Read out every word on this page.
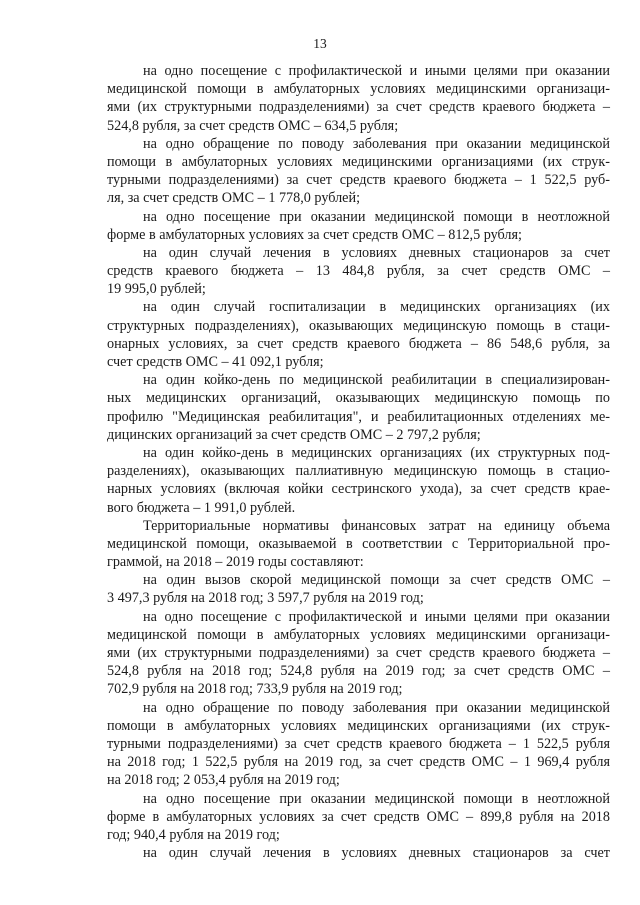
13
на одно посещение с профилактической и иными целями при оказании
медицинской помощи в амбулаторных условиях медицинскими организаци-
ями (их структурными подразделениями) за счет средств краевого бюджета –
524,8 рубля, за счет средств ОМС – 634,5 рубля;
на одно обращение по поводу заболевания при оказании медицинской
помощи в амбулаторных условиях медицинскими организациями (их струк-
турными подразделениями) за счет средств краевого бюджета – 1 522,5 руб-
ля, за счет средств ОМС – 1 778,0 рублей;
на одно посещение при оказании медицинской помощи в неотложной
форме в амбулаторных условиях за счет средств ОМС – 812,5 рубля;
на один случай лечения в условиях дневных стационаров за счет
средств краевого бюджета – 13 484,8 рубля, за счет средств ОМС –
19 995,0 рублей;
на один случай госпитализации в медицинских организациях (их
структурных подразделениях), оказывающих медицинскую помощь в стаци-
онарных условиях, за счет средств краевого бюджета – 86 548,6 рубля, за
счет средств ОМС – 41 092,1 рубля;
на один койко-день по медицинской реабилитации в специализирован-
ных медицинских организаций, оказывающих медицинскую помощь по
профилю "Медицинская реабилитация", и реабилитационных отделениях ме-
дицинских организаций за счет средств ОМС – 2 797,2 рубля;
на один койко-день в медицинских организациях (их структурных под-
разделениях), оказывающих паллиативную медицинскую помощь в стацио-
нарных условиях (включая койки сестринского ухода), за счет средств крае-
вого бюджета – 1 991,0 рублей.
Территориальные нормативы финансовых затрат на единицу объема
медицинской помощи, оказываемой в соответствии с Территориальной про-
граммой, на 2018 – 2019 годы составляют:
на один вызов скорой медицинской помощи за счет средств ОМС –
3 497,3 рубля на 2018 год; 3 597,7 рубля на 2019 год;
на одно посещение с профилактической и иными целями при оказании
медицинской помощи в амбулаторных условиях медицинскими организаци-
ями (их структурными подразделениями) за счет средств краевого бюджета –
524,8 рубля на 2018 год; 524,8 рубля на 2019 год; за счет средств ОМС –
702,9 рубля на 2018 год; 733,9 рубля на 2019 год;
на одно обращение по поводу заболевания при оказании медицинской
помощи в амбулаторных условиях медицинских организациями (их струк-
турными подразделениями) за счет средств краевого бюджета – 1 522,5 рубля
на 2018 год; 1 522,5 рубля на 2019 год, за счет средств ОМС – 1 969,4 рубля
на 2018 год; 2 053,4 рубля на 2019 год;
на одно посещение при оказании медицинской помощи в неотложной
форме в амбулаторных условиях за счет средств ОМС – 899,8 рубля на 2018
год; 940,4 рубля на 2019 год;
на один случай лечения в условиях дневных стационаров за счет
